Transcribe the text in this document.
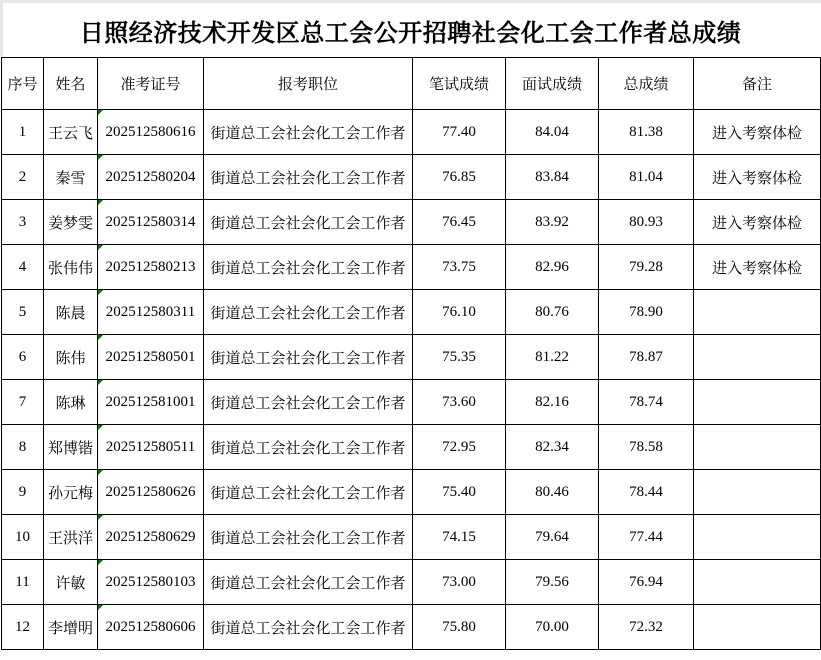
日照经济技术开发区总工会公开招聘社会化工会工作者总成绩
序号	姓名	准考证号	报考职位	笔试成绩	面试成绩	总成绩	备注
1	王云飞	202512580616	街道总工会社会化工会工作者	77.40	84.04	81.38	进入考察体检
2	秦雪	202512580204	街道总工会社会化工会工作者	76.85	83.84	81.04	进入考察体检
3	姜梦雯	202512580314	街道总工会社会化工会工作者	76.45	83.92	80.93	进入考察体检
4	张伟伟	202512580213	街道总工会社会化工会工作者	73.75	82.96	79.28	进入考察体检
5	陈晨	202512580311	街道总工会社会化工会工作者	76.10	80.76	78.90	
6	陈伟	202512580501	街道总工会社会化工会工作者	75.35	81.22	78.87	
7	陈琳	202512581001	街道总工会社会化工会工作者	73.60	82.16	78.74	
8	郑博锴	202512580511	街道总工会社会化工会工作者	72.95	82.34	78.58	
9	孙元梅	202512580626	街道总工会社会化工会工作者	75.40	80.46	78.44	
10	王洪洋	202512580629	街道总工会社会化工会工作者	74.15	79.64	77.44	
11	许敏	202512580103	街道总工会社会化工会工作者	73.00	79.56	76.94	
12	李增明	202512580606	街道总工会社会化工会工作者	75.80	70.00	72.32	
